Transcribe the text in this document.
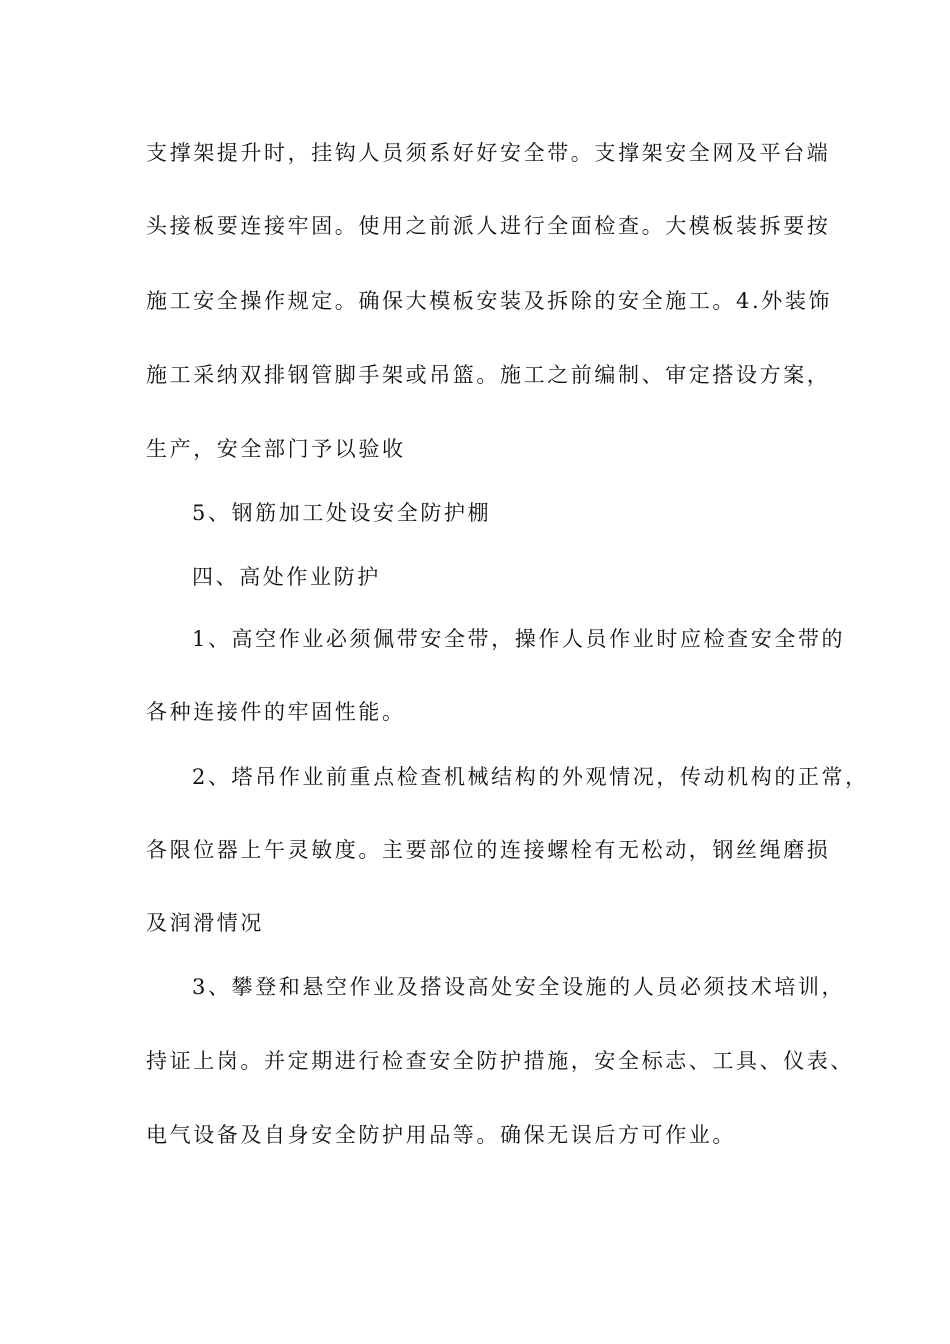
支撑架提升时，挂钩人员须系好好安全带。支撑架安全网及平台端

头接板要连接牢固。使用之前派人进行全面检查。大模板装拆要按

施工安全操作规定。确保大模板安装及拆除的安全施工。4.外装饰

施工采纳双排钢管脚手架或吊篮。施工之前编制、审定搭设方案，

生产，安全部门予以验收

5、钢筋加工处设安全防护棚

四、高处作业防护

1、高空作业必须佩带安全带，操作人员作业时应检查安全带的

各种连接件的牢固性能。

2、塔吊作业前重点检查机械结构的外观情况，传动机构的正常，

各限位器上午灵敏度。主要部位的连接螺栓有无松动，钢丝绳磨损

及润滑情况

3、攀登和悬空作业及搭设高处安全设施的人员必须技术培训，

持证上岗。并定期进行检查安全防护措施，安全标志、工具、仪表、

电气设备及自身安全防护用品等。确保无误后方可作业。
